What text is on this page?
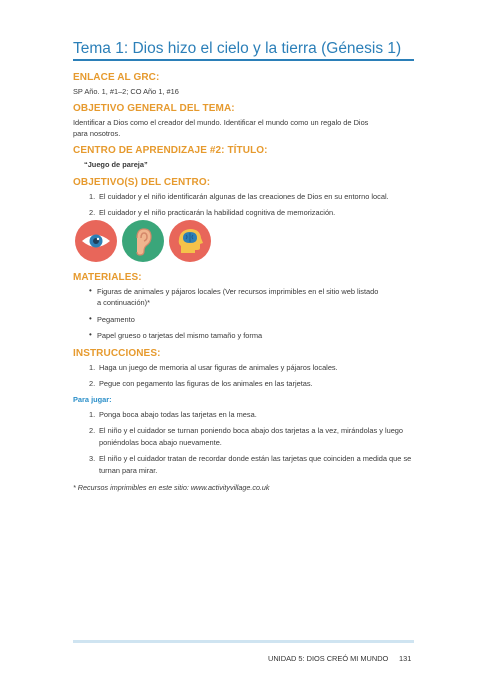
Tema 1: Dios hizo el cielo y la tierra (Génesis 1)
ENLACE AL GRC:
SP Año. 1, #1–2; CO Año 1, #16
OBJETIVO GENERAL DEL TEMA:
Identificar a Dios como el creador del mundo. Identificar el mundo como un regalo de Dios
para nosotros.
CENTRO DE APRENDIZAJE #2: TÍTULO:
“Juego de pareja”
OBJETIVO(S) DEL CENTRO:
1. El cuidador y el niño identificarán algunas de las creaciones de Dios en su entorno local.
2. El cuidador y el niño practicarán la habilidad cognitiva de memorización.
MATERIALES:
• Figuras de animales y pájaros locales (Ver recursos imprimibles en el sitio web listado
a continuación)*
• Pegamento
• Papel grueso o tarjetas del mismo tamaño y forma
INSTRUCCIONES:
1. Haga un juego de memoria al usar figuras de animales y pájaros locales.
2. Pegue con pegamento las figuras de los animales en las tarjetas.
Para jugar:
1. Ponga boca abajo todas las tarjetas en la mesa.
2. El niño y el cuidador se turnan poniendo boca abajo dos tarjetas a la vez, mirándolas y luego
poniéndolas boca abajo nuevamente.
3. El niño y el cuidador tratan de recordar donde están las tarjetas que coinciden a medida que se
turnan para mirar.
* Recursos imprimibles en este sitio: www.activityvillage.co.uk
UNIDAD 5: DIOS CREÓ MI MUNDO 131
